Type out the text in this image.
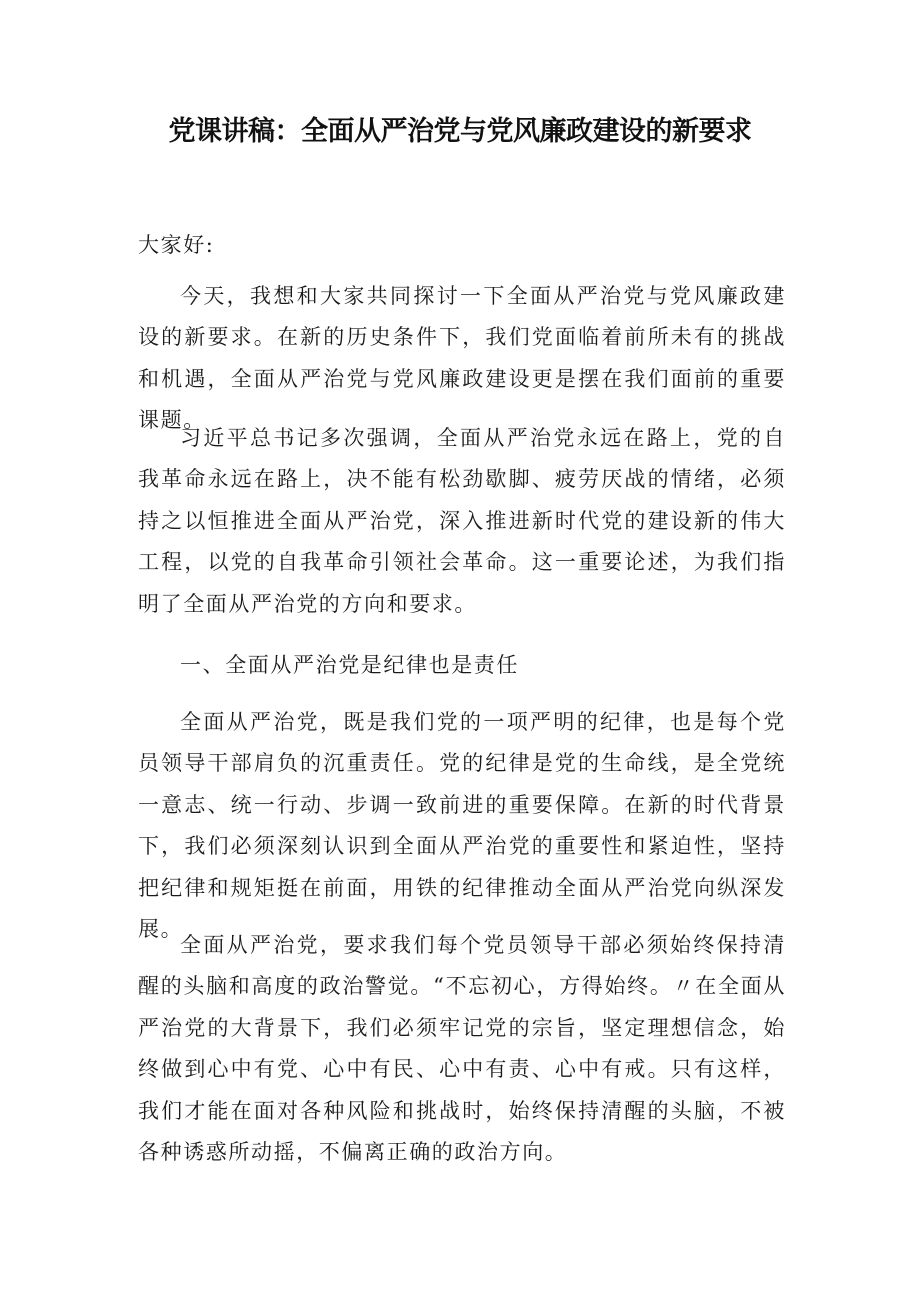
党课讲稿：全面从严治党与党风廉政建设的新要求

大家好:

今天，我想和大家共同探讨一下全面从严治党与党风廉政建设的新要求。在新的历史条件下，我们党面临着前所未有的挑战和机遇，全面从严治党与党风廉政建设更是摆在我们面前的重要课题。

习近平总书记多次强调，全面从严治党永远在路上，党的自我革命永远在路上，决不能有松劲歇脚、疲劳厌战的情绪，必须持之以恒推进全面从严治党，深入推进新时代党的建设新的伟大工程，以党的自我革命引领社会革命。这一重要论述，为我们指明了全面从严治党的方向和要求。

一、全面从严治党是纪律也是责任

全面从严治党，既是我们党的一项严明的纪律，也是每个党员领导干部肩负的沉重责任。党的纪律是党的生命线，是全党统一意志、统一行动、步调一致前进的重要保障。在新的时代背景下，我们必须深刻认识到全面从严治党的重要性和紧迫性，坚持把纪律和规矩挺在前面，用铁的纪律推动全面从严治党向纵深发展。

全面从严治党，要求我们每个党员领导干部必须始终保持清醒的头脑和高度的政治警觉。“不忘初心，方得始终。〃在全面从严治党的大背景下，我们必须牢记党的宗旨，坚定理想信念，始终做到心中有党、心中有民、心中有责、心中有戒。只有这样，我们才能在面对各种风险和挑战时，始终保持清醒的头脑，不被各种诱惑所动摇，不偏离正确的政治方向。
